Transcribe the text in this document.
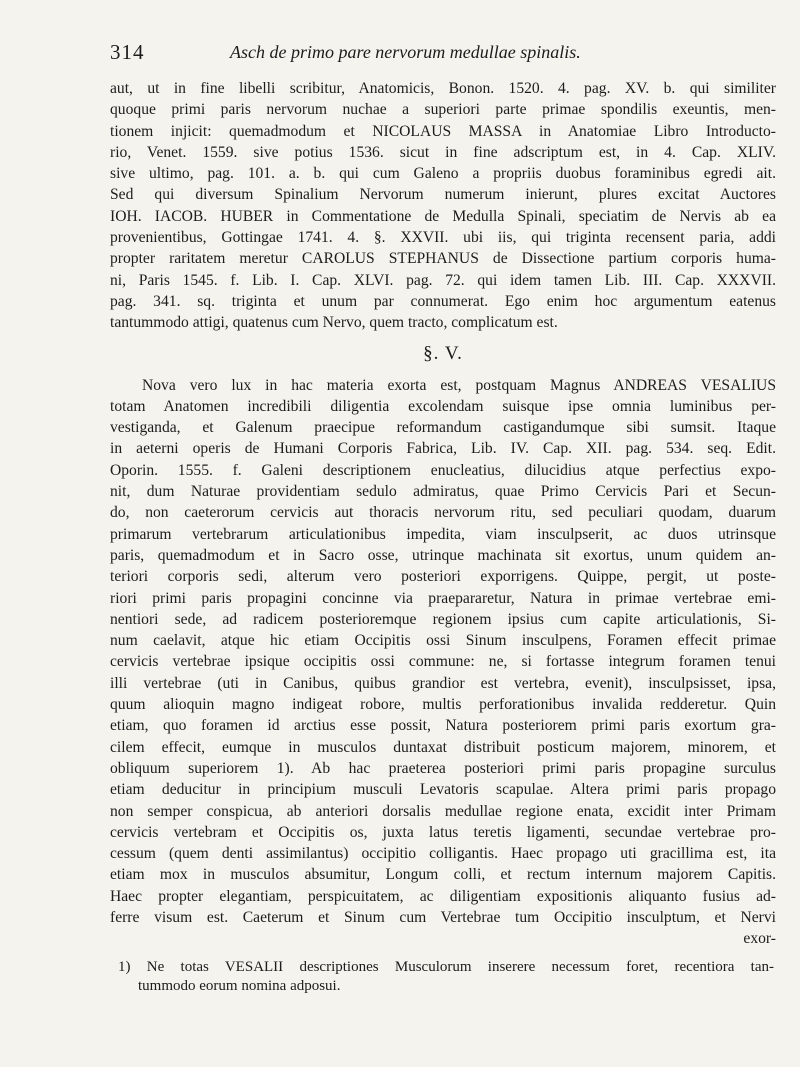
314	Asch de primo pare nervorum medullae spinalis.
aut, ut in fine libelli scribitur, Anatomicis, Bonon. 1520. 4. pag. XV. b. qui similiter
quoque primi paris nervorum nuchae a superiori parte primae spondilis exeuntis, men-
tionem injicit: quemadmodum et NICOLAUS MASSA in Anatomiae Libro Introducto-
rio, Venet. 1559. sive potius 1536. sicut in fine adscriptum est, in 4. Cap. XLIV.
sive ultimo, pag. 101. a. b. qui cum Galeno a propriis duobus foraminibus egredi ait.
Sed qui diversum Spinalium Nervorum numerum inierunt, plures excitat Auctores
IOH. IACOB. HUBER in Commentatione de Medulla Spinali, speciatim de Nervis ab ea
provenientibus, Gottingae 1741. 4. §. XXVII. ubi iis, qui triginta recensent paria, addi
propter raritatem meretur CAROLUS STEPHANUS de Dissectione partium corporis huma-
ni, Paris 1545. f. Lib. I. Cap. XLVI. pag. 72. qui idem tamen Lib. III. Cap. XXXVII.
pag. 341. sq. triginta et unum par connumerat. Ego enim hoc argumentum eatenus
tantummodo attigi, quatenus cum Nervo, quem tracto, complicatum est.
§. V.
Nova vero lux in hac materia exorta est, postquam Magnus ANDREAS VESALIUS
totam Anatomen incredibili diligentia excolendam suisque ipse omnia luminibus per-
vestiganda, et Galenum praecipue reformandum castigandumque sibi sumsit. Itaque
in aeterni operis de Humani Corporis Fabrica, Lib. IV. Cap. XII. pag. 534. seq. Edit.
Oporin. 1555. f. Galeni descriptionem enucleatius, dilucidius atque perfectius expo-
nit, dum Naturae providentiam sedulo admiratus, quae Primo Cervicis Pari et Secun-
do, non caeterorum cervicis aut thoracis nervorum ritu, sed peculiari quodam, duarum
primarum vertebrarum articulationibus impedita, viam insculpserit, ac duos utrinsque
paris, quemadmodum et in Sacro osse, utrinque machinata sit exortus, unum quidem an-
teriori corporis sedi, alterum vero posteriori exporrigens. Quippe, pergit, ut poste-
riori primi paris propagini concinne via praepararetur, Natura in primae vertebrae emi-
nentiori sede, ad radicem posterioremque regionem ipsius cum capite articulationis, Si-
num caelavit, atque hic etiam Occipitis ossi Sinum insculpens, Foramen effecit primae
cervicis vertebrae ipsique occipitis ossi commune: ne, si fortasse integrum foramen tenui
illi vertebrae (uti in Canibus, quibus grandior est vertebra, evenit), insculpsisset, ipsa,
quum alioquin magno indigeat robore, multis perforationibus invalida redderetur. Quin
etiam, quo foramen id arctius esse possit, Natura posteriorem primi paris exortum gra-
cilem effecit, eumque in musculos duntaxat distribuit posticum majorem, minorem, et
obliquum superiorem 1). Ab hac praeterea posteriori primi paris propagine surculus
etiam deducitur in principium musculi Levatoris scapulae. Altera primi paris propago
non semper conspicua, ab anteriori dorsalis medullae regione enata, excidit inter Primam
cervicis vertebram et Occipitis os, juxta latus teretis ligamenti, secundae vertebrae pro-
cessum (quem denti assimilantus) occipitio colligantis. Haec propago uti gracillima est, ita
etiam mox in musculos absumitur, Longum colli, et rectum internum majorem Capitis.
Haec propter elegantiam, perspicuitatem, ac diligentiam expositionis aliquanto fusius ad-
ferre visum est. Caeterum et Sinum cum Vertebrae tum Occipitio insculptum, et Nervi
exor-
1) Ne totas VESALII descriptiones Musculorum inserere necessum foret, recentiora tan-
tummodo eorum nomina adposui.
